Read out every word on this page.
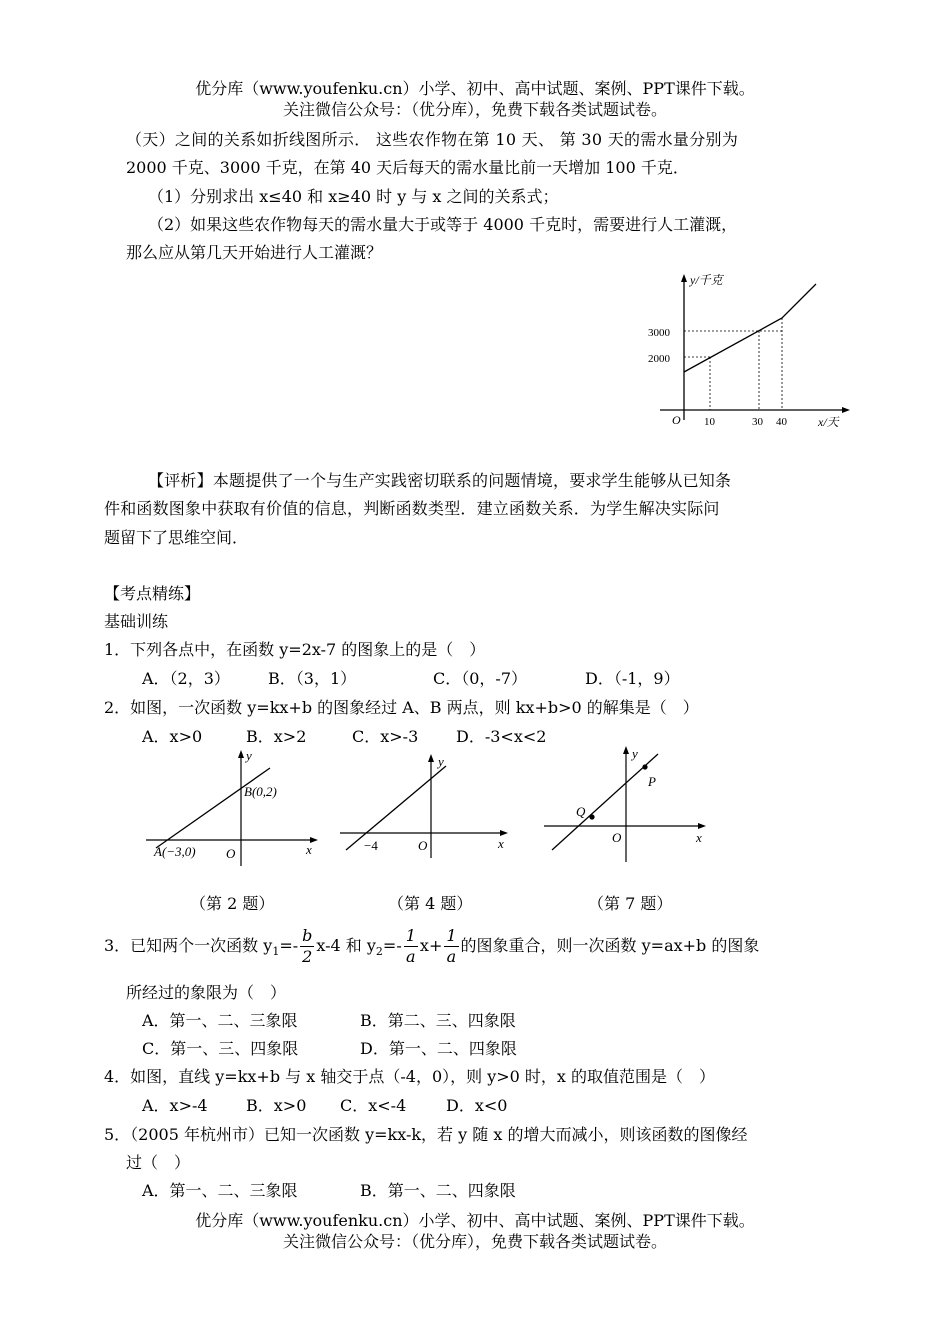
优分库（www.youfenku.cn）小学、初中、高中试题、案例、PPT课件下载。
关注微信公众号：（优分库），免费下载各类试题试卷。
（天）之间的关系如折线图所示． 这些农作物在第 10 天、 第 30 天的需水量分别为
2000 千克、3000 千克，在第 40 天后每天的需水量比前一天增加 100 千克．
（1）分别求出 x≤40 和 x≥40 时 y 与 x 之间的关系式；
（2）如果这些农作物每天的需水量大于或等于 4000 千克时，需要进行人工灌溉，
那么应从第几天开始进行人工灌溉？
y/千克
x/天
O
3000
2000
10	30 40
【评析】本题提供了一个与生产实践密切联系的问题情境，要求学生能够从已知条
件和函数图象中获取有价值的信息，判断函数类型．建立函数关系．为学生解决实际问
题留下了思维空间．
【考点精练】
基础训练
1．下列各点中，在函数 y=2x-7 的图象上的是（　）
A．（2，3） B．（3，1）	C．（0，-7）	D．（-1，9）
2．如图，一次函数 y=kx+b 的图象经过 A、B 两点，则 kx+b>0 的解集是（　）
A．x>0	B．x>2	C．x>-3 D．-3<x<2
y
x
O
B(0,2)
A(−3,0)
（第 2 题）
y
x
O
−4
（第 4 题）
y
x
O
P
Q
（第 7 题）
3．已知两个一次函数 $y_1=- \frac{b}{2} x-4$ 和 $y_2=- \frac{1}{a} x+ \frac{1}{a}$ 的图象重合，则一次函数 y=ax+b 的图象
所经过的象限为（　）
A．第一、二、三象限	B．第二、三、四象限
C．第一、三、四象限	D．第一、二、四象限
4．如图，直线 y=kx+b 与 x 轴交于点（-4，0），则 y>0 时，x 的取值范围是（　）
A．x>-4 B．x>0 C．x<-4 D．x<0
5．（2005 年杭州市）已知一次函数 y=kx-k，若 y 随 x 的增大而减小，则该函数的图像经
过（　）
A．第一、二、三象限	B．第一、二、四象限
优分库（www.youfenku.cn）小学、初中、高中试题、案例、PPT课件下载。
关注微信公众号：（优分库），免费下载各类试题试卷。
